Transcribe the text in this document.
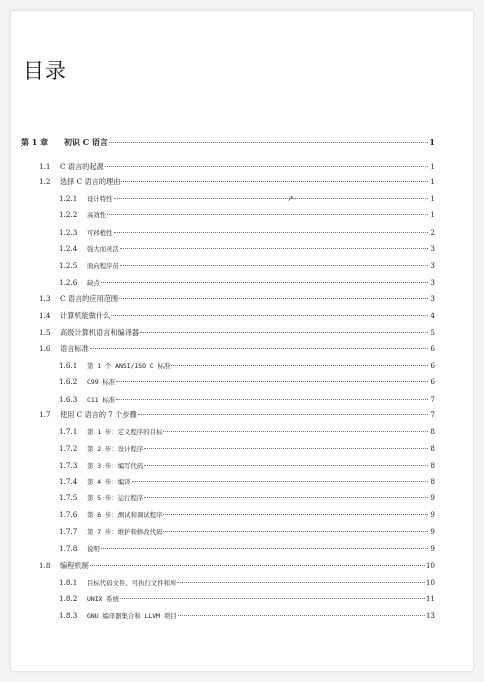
目录
第 1 章	初识 C 语言	1
1.1	C 语言的起源	1
1.2	选择 C 语言的理由	1
1.2.1	设计特性	1
1.2.2	高效性	1
1.2.3	可移植性	2
1.2.4	强大而灵活	3
1.2.5	面向程序员	3
1.2.6	缺点	3
1.3	C 语言的应用范围	3
1.4	计算机能做什么	4
1.5	高级计算机语言和编译器	5
1.6	语言标准	6
1.6.1	第 1 个 ANSI/ISO C 标准	6
1.6.2	C99 标准	6
1.6.3	C11 标准	7
1.7	使用 C 语言的 7 个步骤	7
1.7.1	第 1 步：定义程序的目标	8
1.7.2	第 2 步：设计程序	8
1.7.3	第 3 步：编写代码	8
1.7.4	第 4 步：编译	8
1.7.5	第 5 步：运行程序	9
1.7.6	第 6 步：测试和调试程序	9
1.7.7	第 7 步：维护和修改代码	9
1.7.8	说明	9
1.8	编程机制	10
1.8.1	目标代码文件、可执行文件和库	10
1.8.2	UNIX 系统	11
1.8.3	GNU 编译器集合和 LLVM 项目	13
↗
